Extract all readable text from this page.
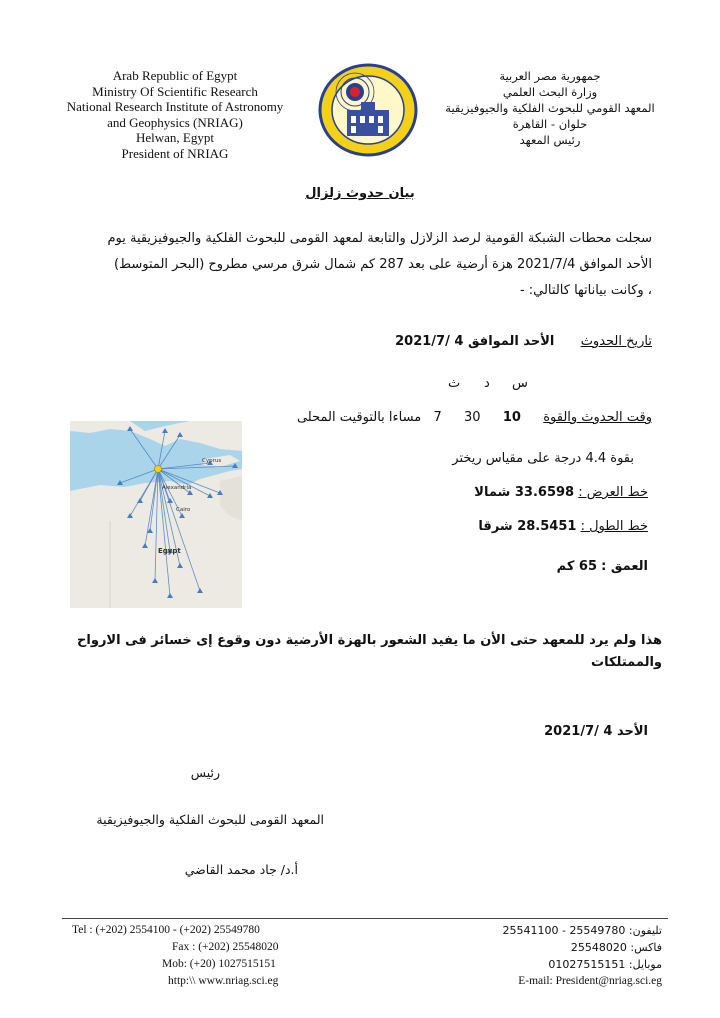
Arab Republic of Egypt
Ministry Of Scientific Research
National Research Institute of Astronomy
and Geophysics (NRIAG)
Helwan, Egypt
President of NRIAG
جمهورية مصر العربية
وزارة البحث العلمي
المعهد القومي للبحوث الفلكية والجيوفيزيقية
حلوان - القاهرة
رئيس المعهد
بيان حدوث زلزال
سجلت محطات الشبكة القومية لرصد الزلازل والتابعة لمعهد القومى للبحوث الفلكية والجيوفيزيقية يوم
الأحد الموافق 2021/7/4 هزة أرضية على بعد 287 كم شمال شرق مرسي مطروح (البحر المتوسط)
، وكانت بياناتها كالتالي: -
تاريخ الحدوث  الأحد الموافق 4 /2021/7
ث د س
وقت الحدوث والقوة  10  30  7  مساءا بالتوقيت المحلى
بقوة 4.4 درجة على مقياس ريختر
خط العرض : 33.6598 شمالا
خط الطول : 28.5451 شرقا
العمق : 65 كم
Cyprus
Alexandria
Cairo
Egypt
هذا ولم يرد للمعهد حتى الأن ما يفيد الشعور بالهزة الأرضية دون وقوع إى خسائر فى الارواح
والممتلكات
الأحد 4 /2021/7
رئيس
المعهد القومى للبحوث الفلكية والجيوفيزيقية
أ.د/ جاد محمد القاضي
Tel : (+202) 2554100 - (+202) 25549780
Fax : (+202) 25548020
Mob: (+20) 1027515151
http:\\ www.nriag.sci.eg
تليفون: 25549780 - 25541100
فاكس: 25548020
موبايل: 01027515151
E-mail: President@nriag.sci.eg
